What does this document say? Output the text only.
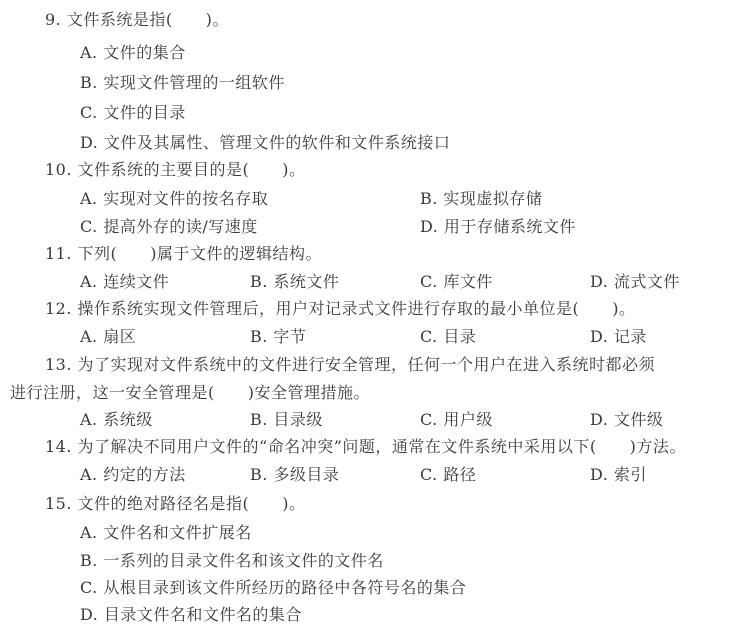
9. 文件系统是指(　　)。
A. 文件的集合
B. 实现文件管理的一组软件
C. 文件的目录
D. 文件及其属性、管理文件的软件和文件系统接口
10. 文件系统的主要目的是(　　)。
A. 实现对文件的按名存取	B. 实现虚拟存储
C. 提高外存的读/写速度	D. 用于存储系统文件
11. 下列(　　)属于文件的逻辑结构。
A. 连续文件	B. 系统文件	C. 库文件	D. 流式文件
12. 操作系统实现文件管理后，用户对记录式文件进行存取的最小单位是(　　)。
A. 扇区	B. 字节	C. 目录	D. 记录
13. 为了实现对文件系统中的文件进行安全管理，任何一个用户在进入系统时都必须
进行注册，这一安全管理是(　　)安全管理措施。
A. 系统级	B. 目录级	C. 用户级	D. 文件级
14. 为了解决不同用户文件的“命名冲突”问题，通常在文件系统中采用以下(　　)方法。
A. 约定的方法	B. 多级目录	C. 路径	D. 索引
15. 文件的绝对路径名是指(　　)。
A. 文件名和文件扩展名
B. 一系列的目录文件名和该文件的文件名
C. 从根目录到该文件所经历的路径中各符号名的集合
D. 目录文件名和文件名的集合
